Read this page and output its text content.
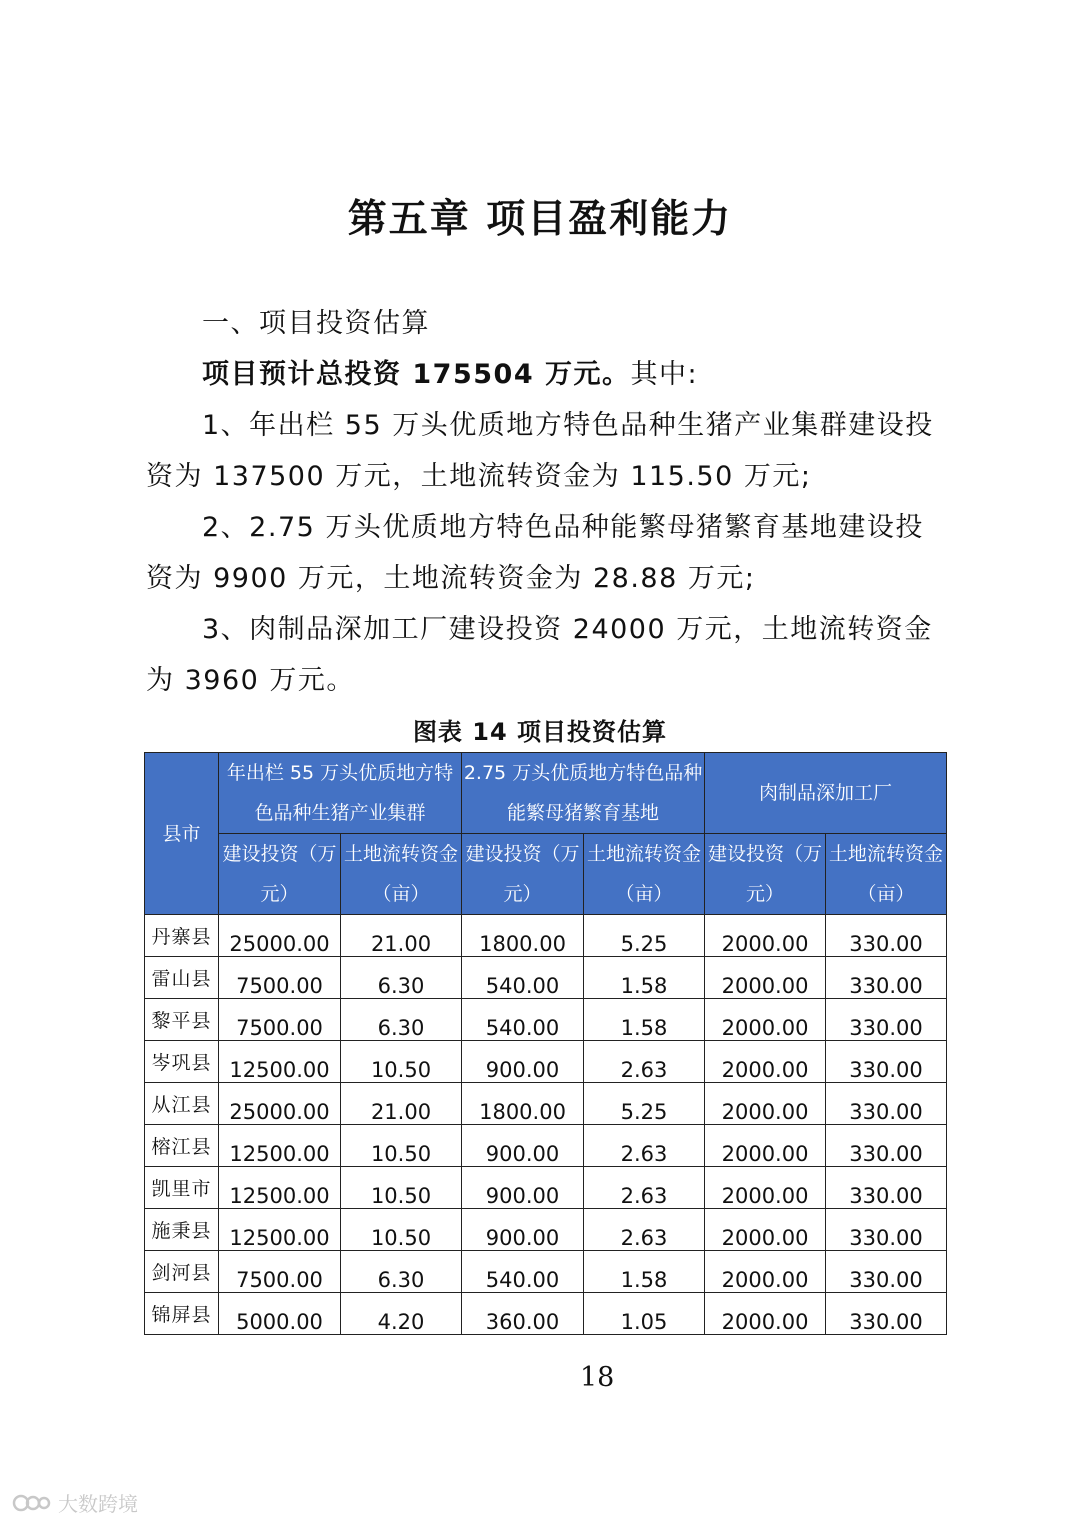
第五章 项目盈利能力
一、项目投资估算
项目预计总投资 175504 万元。其中:
1、年出栏 55 万头优质地方特色品种生猪产业集群建设投资为 137500 万元，土地流转资金为 115.50 万元;
2、2.75 万头优质地方特色品种能繁母猪繁育基地建设投资为 9900 万元，土地流转资金为 28.88 万元;
3、肉制品深加工厂建设投资 24000 万元，土地流转资金为 3960 万元。
图表 14 项目投资估算
县市	年出栏 55 万头优质地方特色品种生猪产业集群		2.75 万头优质地方特色品种能繁母猪繁育基地		肉制品深加工厂	
	建设投资（万元）	土地流转资金（亩）	建设投资（万元）	土地流转资金（亩）	建设投资（万元）	土地流转资金（亩）
丹寨县	25000.00	21.00	1800.00	5.25	2000.00	330.00
雷山县	7500.00	6.30	540.00	1.58	2000.00	330.00
黎平县	7500.00	6.30	540.00	1.58	2000.00	330.00
岑巩县	12500.00	10.50	900.00	2.63	2000.00	330.00
从江县	25000.00	21.00	1800.00	5.25	2000.00	330.00
榕江县	12500.00	10.50	900.00	2.63	2000.00	330.00
凯里市	12500.00	10.50	900.00	2.63	2000.00	330.00
施秉县	12500.00	10.50	900.00	2.63	2000.00	330.00
剑河县	7500.00	6.30	540.00	1.58	2000.00	330.00
锦屏县	5000.00	4.20	360.00	1.05	2000.00	330.00
18
大数跨境
